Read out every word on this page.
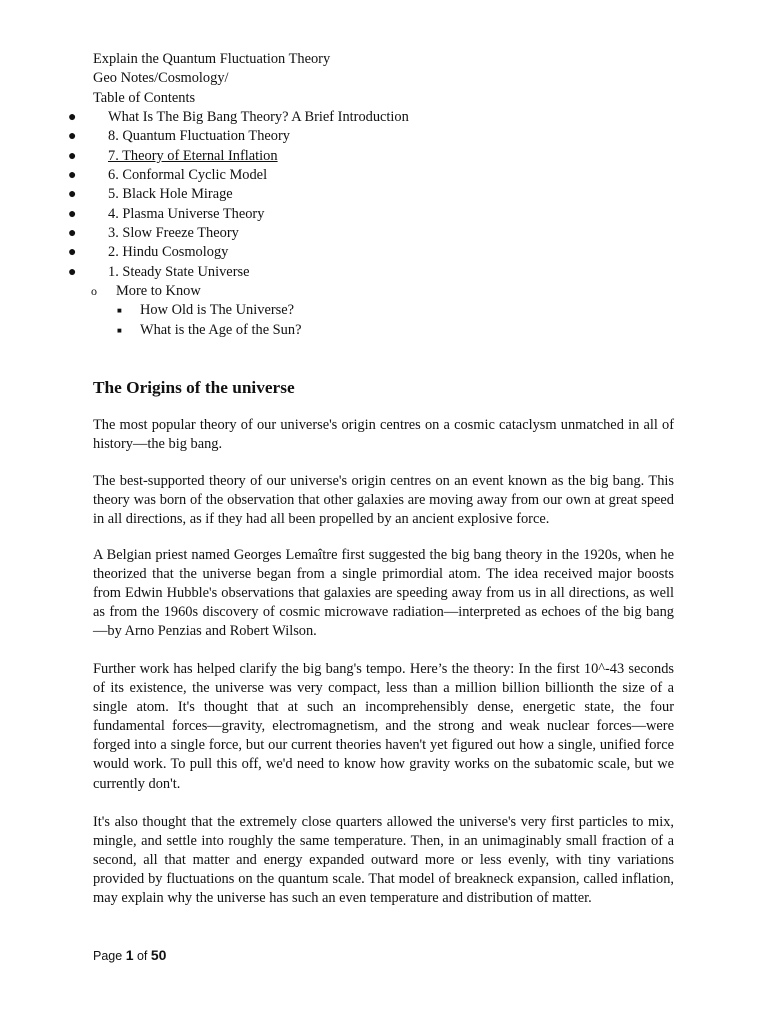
Explain the Quantum Fluctuation Theory
Geo Notes/Cosmology/
Table of Contents
● What Is The Big Bang Theory? A Brief Introduction
● 8. Quantum Fluctuation Theory
● 7. Theory of Eternal Inflation
● 6. Conformal Cyclic Model
● 5. Black Hole Mirage
● 4. Plasma Universe Theory
● 3. Slow Freeze Theory
● 2. Hindu Cosmology
● 1. Steady State Universe
o More to Know
■ How Old is The Universe?
■ What is the Age of the Sun?
The Origins of the universe

The most popular theory of our universe's origin centres on a cosmic cataclysm unmatched in all of history—the big bang.

The best-supported theory of our universe's origin centres on an event known as the big bang. This theory was born of the observation that other galaxies are moving away from our own at great speed in all directions, as if they had all been propelled by an ancient explosive force.

A Belgian priest named Georges Lemaître first suggested the big bang theory in the 1920s, when he theorized that the universe began from a single primordial atom. The idea received major boosts from Edwin Hubble's observations that galaxies are speeding away from us in all directions, as well as from the 1960s discovery of cosmic microwave radiation—interpreted as echoes of the big bang—by Arno Penzias and Robert Wilson.

Further work has helped clarify the big bang's tempo. Here’s the theory: In the first 10^-43 seconds of its existence, the universe was very compact, less than a million billion billionth the size of a single atom. It's thought that at such an incomprehensibly dense, energetic state, the four fundamental forces—gravity, electromagnetism, and the strong and weak nuclear forces—were forged into a single force, but our current theories haven't yet figured out how a single, unified force would work. To pull this off, we'd need to know how gravity works on the subatomic scale, but we currently don't.

It's also thought that the extremely close quarters allowed the universe's very first particles to mix, mingle, and settle into roughly the same temperature. Then, in an unimaginably small fraction of a second, all that matter and energy expanded outward more or less evenly, with tiny variations provided by fluctuations on the quantum scale. That model of breakneck expansion, called inflation, may explain why the universe has such an even temperature and distribution of matter.

Page 1 of 50
